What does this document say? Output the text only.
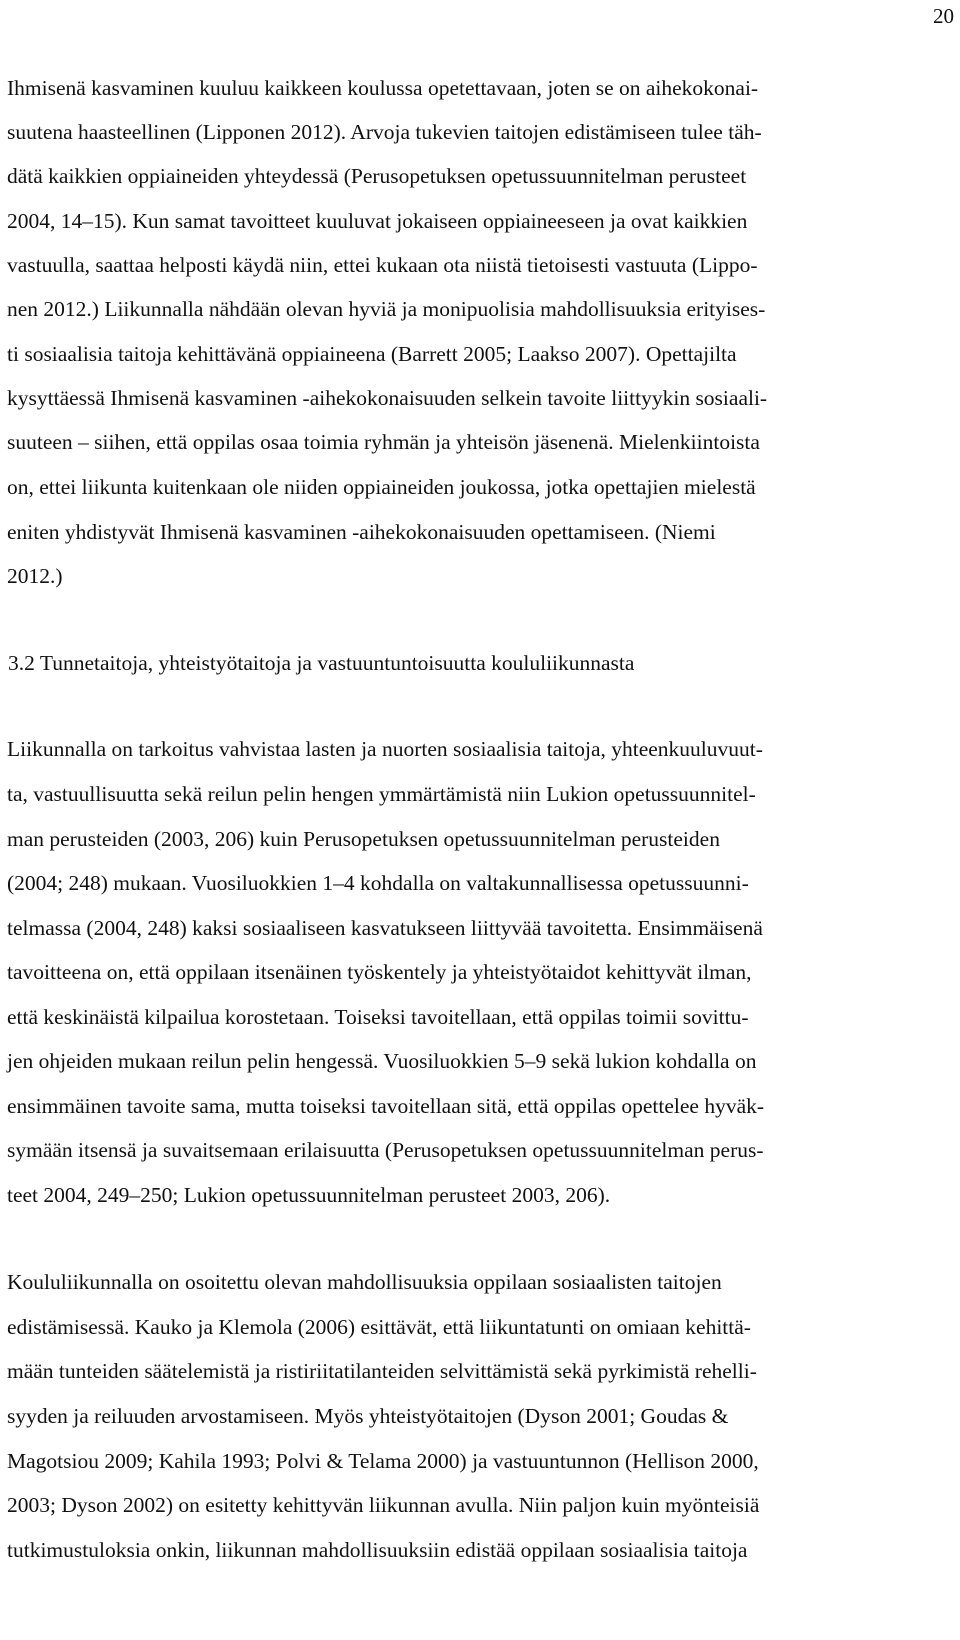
20
Ihmisenä kasvaminen kuuluu kaikkeen koulussa opetettavaan, joten se on aihekokonai-
suutena haasteellinen (Lipponen 2012). Arvoja tukevien taitojen edistämiseen tulee täh-
dätä kaikkien oppiaineiden yhteydessä (Perusopetuksen opetussuunnitelman perusteet
2004, 14–15). Kun samat tavoitteet kuuluvat jokaiseen oppiaineeseen ja ovat kaikkien
vastuulla, saattaa helposti käydä niin, ettei kukaan ota niistä tietoisesti vastuuta (Lippo-
nen 2012.) Liikunnalla nähdään olevan hyviä ja monipuolisia mahdollisuuksia erityises-
ti sosiaalisia taitoja kehittävänä oppiaineena (Barrett 2005; Laakso 2007). Opettajilta
kysyttäessä Ihmisenä kasvaminen -aihekokonaisuuden selkein tavoite liittyykin sosiaali-
suuteen – siihen, että oppilas osaa toimia ryhmän ja yhteisön jäsenenä. Mielenkiintoista
on, ettei liikunta kuitenkaan ole niiden oppiaineiden joukossa, jotka opettajien mielestä
eniten yhdistyvät Ihmisenä kasvaminen -aihekokonaisuuden opettamiseen. (Niemi
2012.)
3.2 Tunnetaitoja, yhteistyötaitoja ja vastuuntuntoisuutta koululiikunnasta
Liikunnalla on tarkoitus vahvistaa lasten ja nuorten sosiaalisia taitoja, yhteenkuuluvuut-
ta, vastuullisuutta sekä reilun pelin hengen ymmärtämistä niin Lukion opetussuunnitel-
man perusteiden (2003, 206) kuin Perusopetuksen opetussuunnitelman perusteiden
(2004; 248) mukaan. Vuosiluokkien 1–4 kohdalla on valtakunnallisessa opetussuunni-
telmassa (2004, 248) kaksi sosiaaliseen kasvatukseen liittyvää tavoitetta. Ensimmäisenä
tavoitteena on, että oppilaan itsenäinen työskentely ja yhteistyötaidot kehittyvät ilman,
että keskinäistä kilpailua korostetaan. Toiseksi tavoitellaan, että oppilas toimii sovittu-
jen ohjeiden mukaan reilun pelin hengessä. Vuosiluokkien 5–9 sekä lukion kohdalla on
ensimmäinen tavoite sama, mutta toiseksi tavoitellaan sitä, että oppilas opettelee hyväk-
symään itsensä ja suvaitsemaan erilaisuutta (Perusopetuksen opetussuunnitelman perus-
teet 2004, 249–250; Lukion opetussuunnitelman perusteet 2003, 206).
Koululiikunnalla on osoitettu olevan mahdollisuuksia oppilaan sosiaalisten taitojen
edistämisessä. Kauko ja Klemola (2006) esittävät, että liikuntatunti on omiaan kehittä-
mään tunteiden säätelemistä ja ristiriitatilanteiden selvittämistä sekä pyrkimistä rehelli-
syyden ja reiluuden arvostamiseen. Myös yhteistyötaitojen (Dyson 2001; Goudas &
Magotsiou 2009; Kahila 1993; Polvi & Telama 2000) ja vastuuntunnon (Hellison 2000,
2003; Dyson 2002) on esitetty kehittyvän liikunnan avulla. Niin paljon kuin myönteisiä
tutkimustuloksia onkin, liikunnan mahdollisuuksiin edistää oppilaan sosiaalisia taitoja
